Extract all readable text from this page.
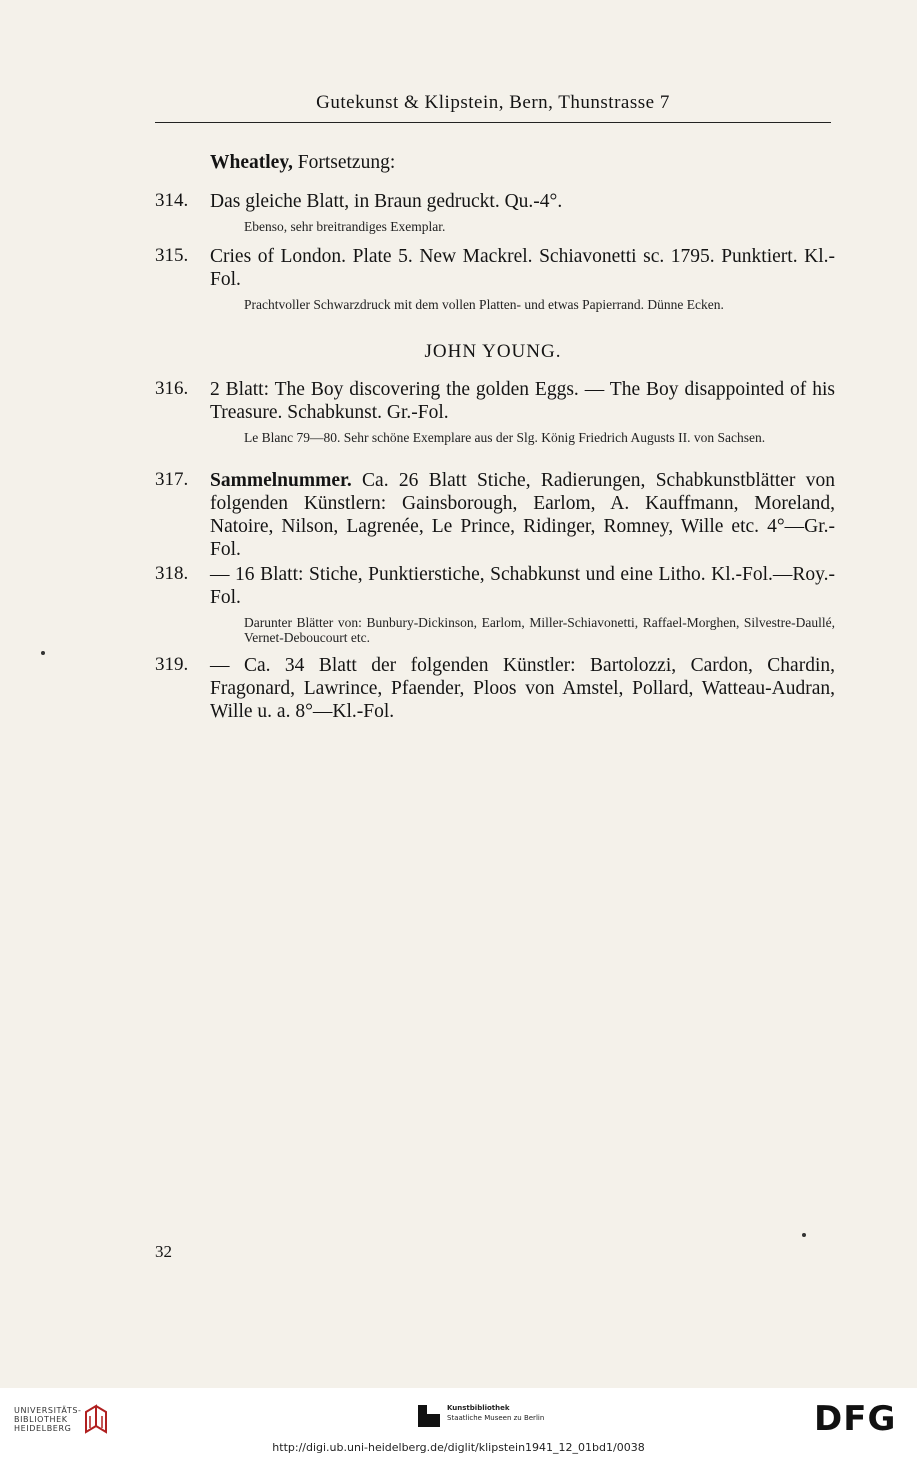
Gutekunst & Klipstein, Bern, Thunstrasse 7
Wheatley, Fortsetzung:
314. Das gleiche Blatt, in Braun gedruckt. Qu.-4°.
Ebenso, sehr breitrandiges Exemplar.
315. Cries of London. Plate 5. New Mackrel. Schiavonetti sc. 1795. Punktiert. Kl.-Fol.
Prachtvoller Schwarzdruck mit dem vollen Platten- und etwas Papierrand. Dünne Ecken.
JOHN YOUNG.
316. 2 Blatt: The Boy discovering the golden Eggs. — The Boy disappointed of his Treasure. Schabkunst. Gr.-Fol.
Le Blanc 79—80. Sehr schöne Exemplare aus der Slg. König Friedrich Augusts II. von Sachsen.
317. Sammelnummer. Ca. 26 Blatt Stiche, Radierungen, Schabkunstblätter von folgenden Künstlern: Gainsborough, Earlom, A. Kauffmann, Moreland, Natoire, Nilson, Lagrenée, Le Prince, Ridinger, Romney, Wille etc. 4°—Gr.-Fol.
318. — 16 Blatt: Stiche, Punktierstiche, Schabkunst und eine Litho. Kl.-Fol.—Roy.-Fol.
Darunter Blätter von: Bunbury-Dickinson, Earlom, Miller-Schiavonetti, Raffael-Morghen, Silvestre-Daullé, Vernet-Deboucourt etc.
319. — Ca. 34 Blatt der folgenden Künstler: Bartolozzi, Cardon, Chardin, Fragonard, Lawrince, Pfaender, Ploos von Amstel, Pollard, Watteau-Audran, Wille u. a. 8°—Kl.-Fol.
32
UNIVERSITÄTS-
BIBLIOTHEK
HEIDELBERG
Kunstbibliothek
Staatliche Museen zu Berlin	DFG
http://digi.ub.uni-heidelberg.de/diglit/klipstein1941_12_01bd1/0038
